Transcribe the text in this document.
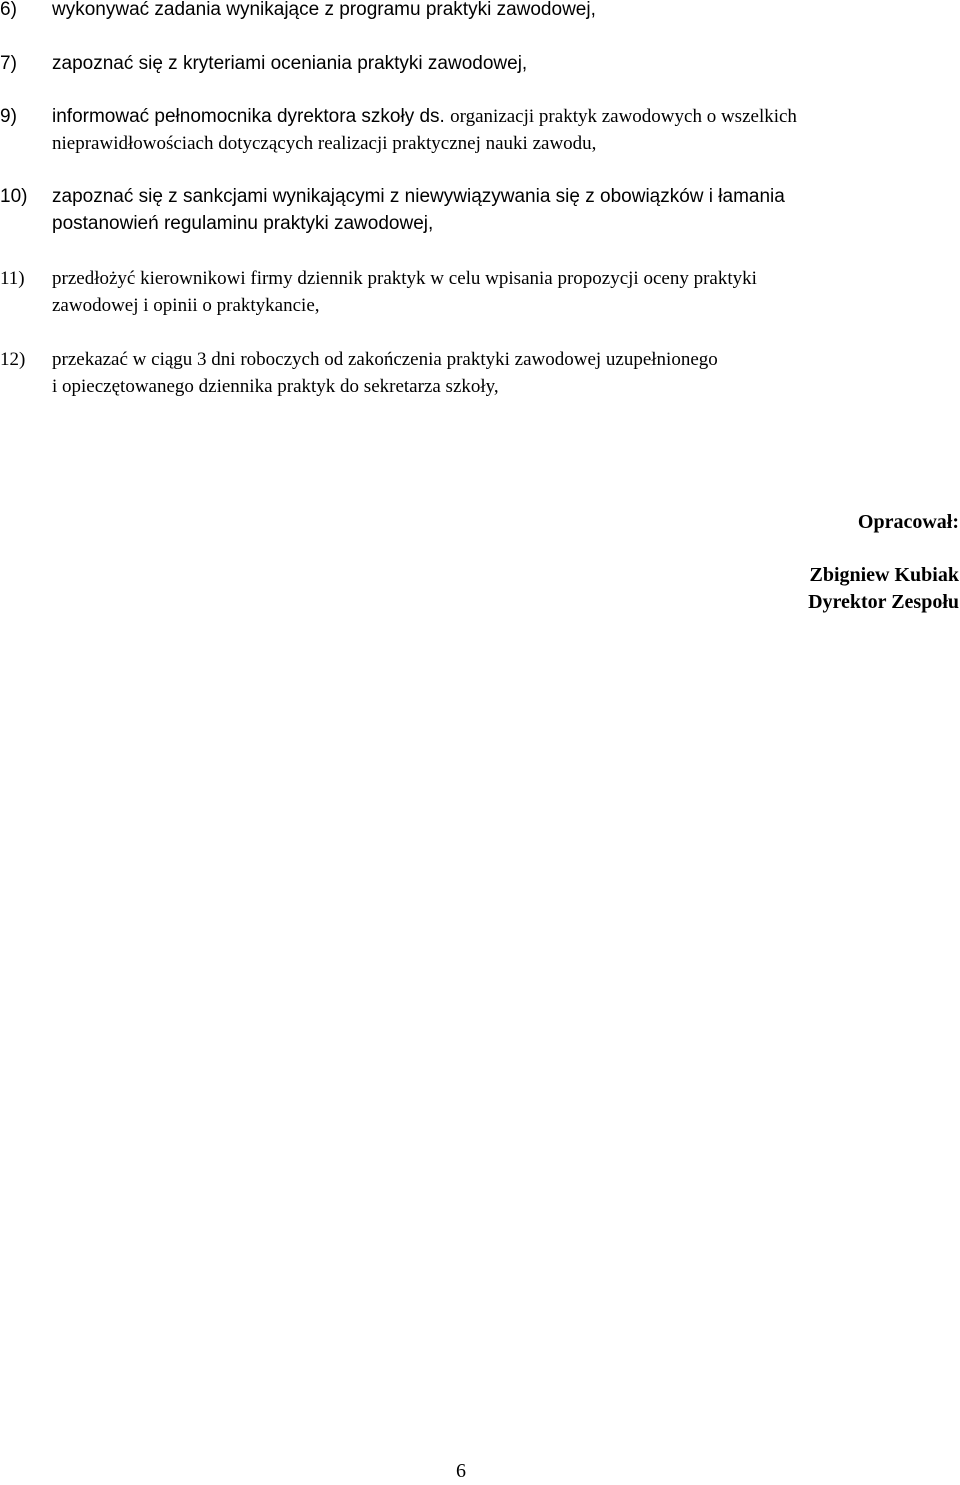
6)	wykonywać zadania wynikające z programu praktyki zawodowej,
7)	zapoznać się z kryteriami oceniania praktyki zawodowej,
9)	informować pełnomocnika dyrektora szkoły ds. organizacji praktyk zawodowych o wszelkich
nieprawidłowościach dotyczących realizacji praktycznej nauki zawodu,
10)	zapoznać się z sankcjami wynikającymi z niewywiązywania się z obowiązków i łamania
postanowień regulaminu praktyki zawodowej,
11)	przedłożyć kierownikowi firmy dziennik praktyk w celu wpisania propozycji oceny praktyki
zawodowej i opinii o praktykancie,
12)	przekazać w ciągu 3 dni roboczych od zakończenia praktyki zawodowej uzupełnionego
i opieczętowanego dziennika praktyk do sekretarza szkoły,
Opracował:
Zbigniew Kubiak
Dyrektor Zespołu
6
